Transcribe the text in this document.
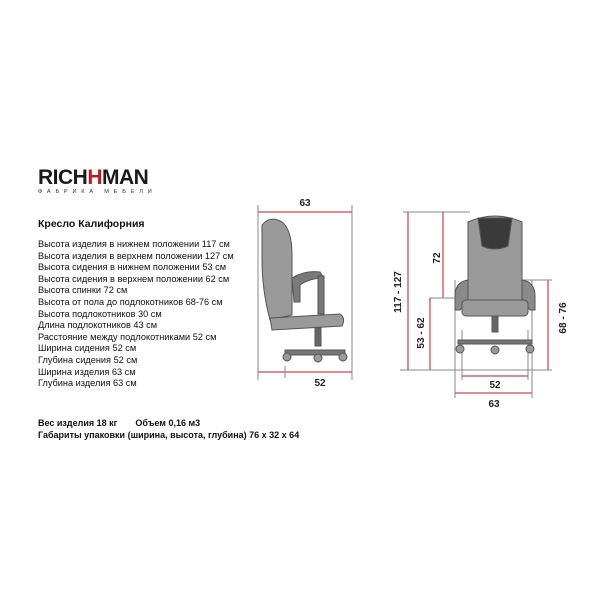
RICH H MAN
ФАБРИКА МЕБЕЛИ
Кресло Калифорния
Высота изделия в нижнем положении 117 см
Высота изделия в верхнем положении 127 см
Высота сидения в нижнем положении 53 см
Высота сидения в верхнем положении 62 см
Высота спинки 72 см
Высота от пола до подлокотников 68-76 см
Высота подлокотников 30 см
Длина подлокотников 43 см
Расстояние между подлокотниками 52 см
Ширина сидения 52 см
Глубина сидения 52 см
Ширина изделия 63 см
Глубина изделия 63 см
Вес изделия 18 кг Объем 0,16 м3
Габариты упаковки (ширина, высота, глубина) 76 х 32 х 64
63
52
117 - 127
72
53 - 62	68 - 76
52
63
